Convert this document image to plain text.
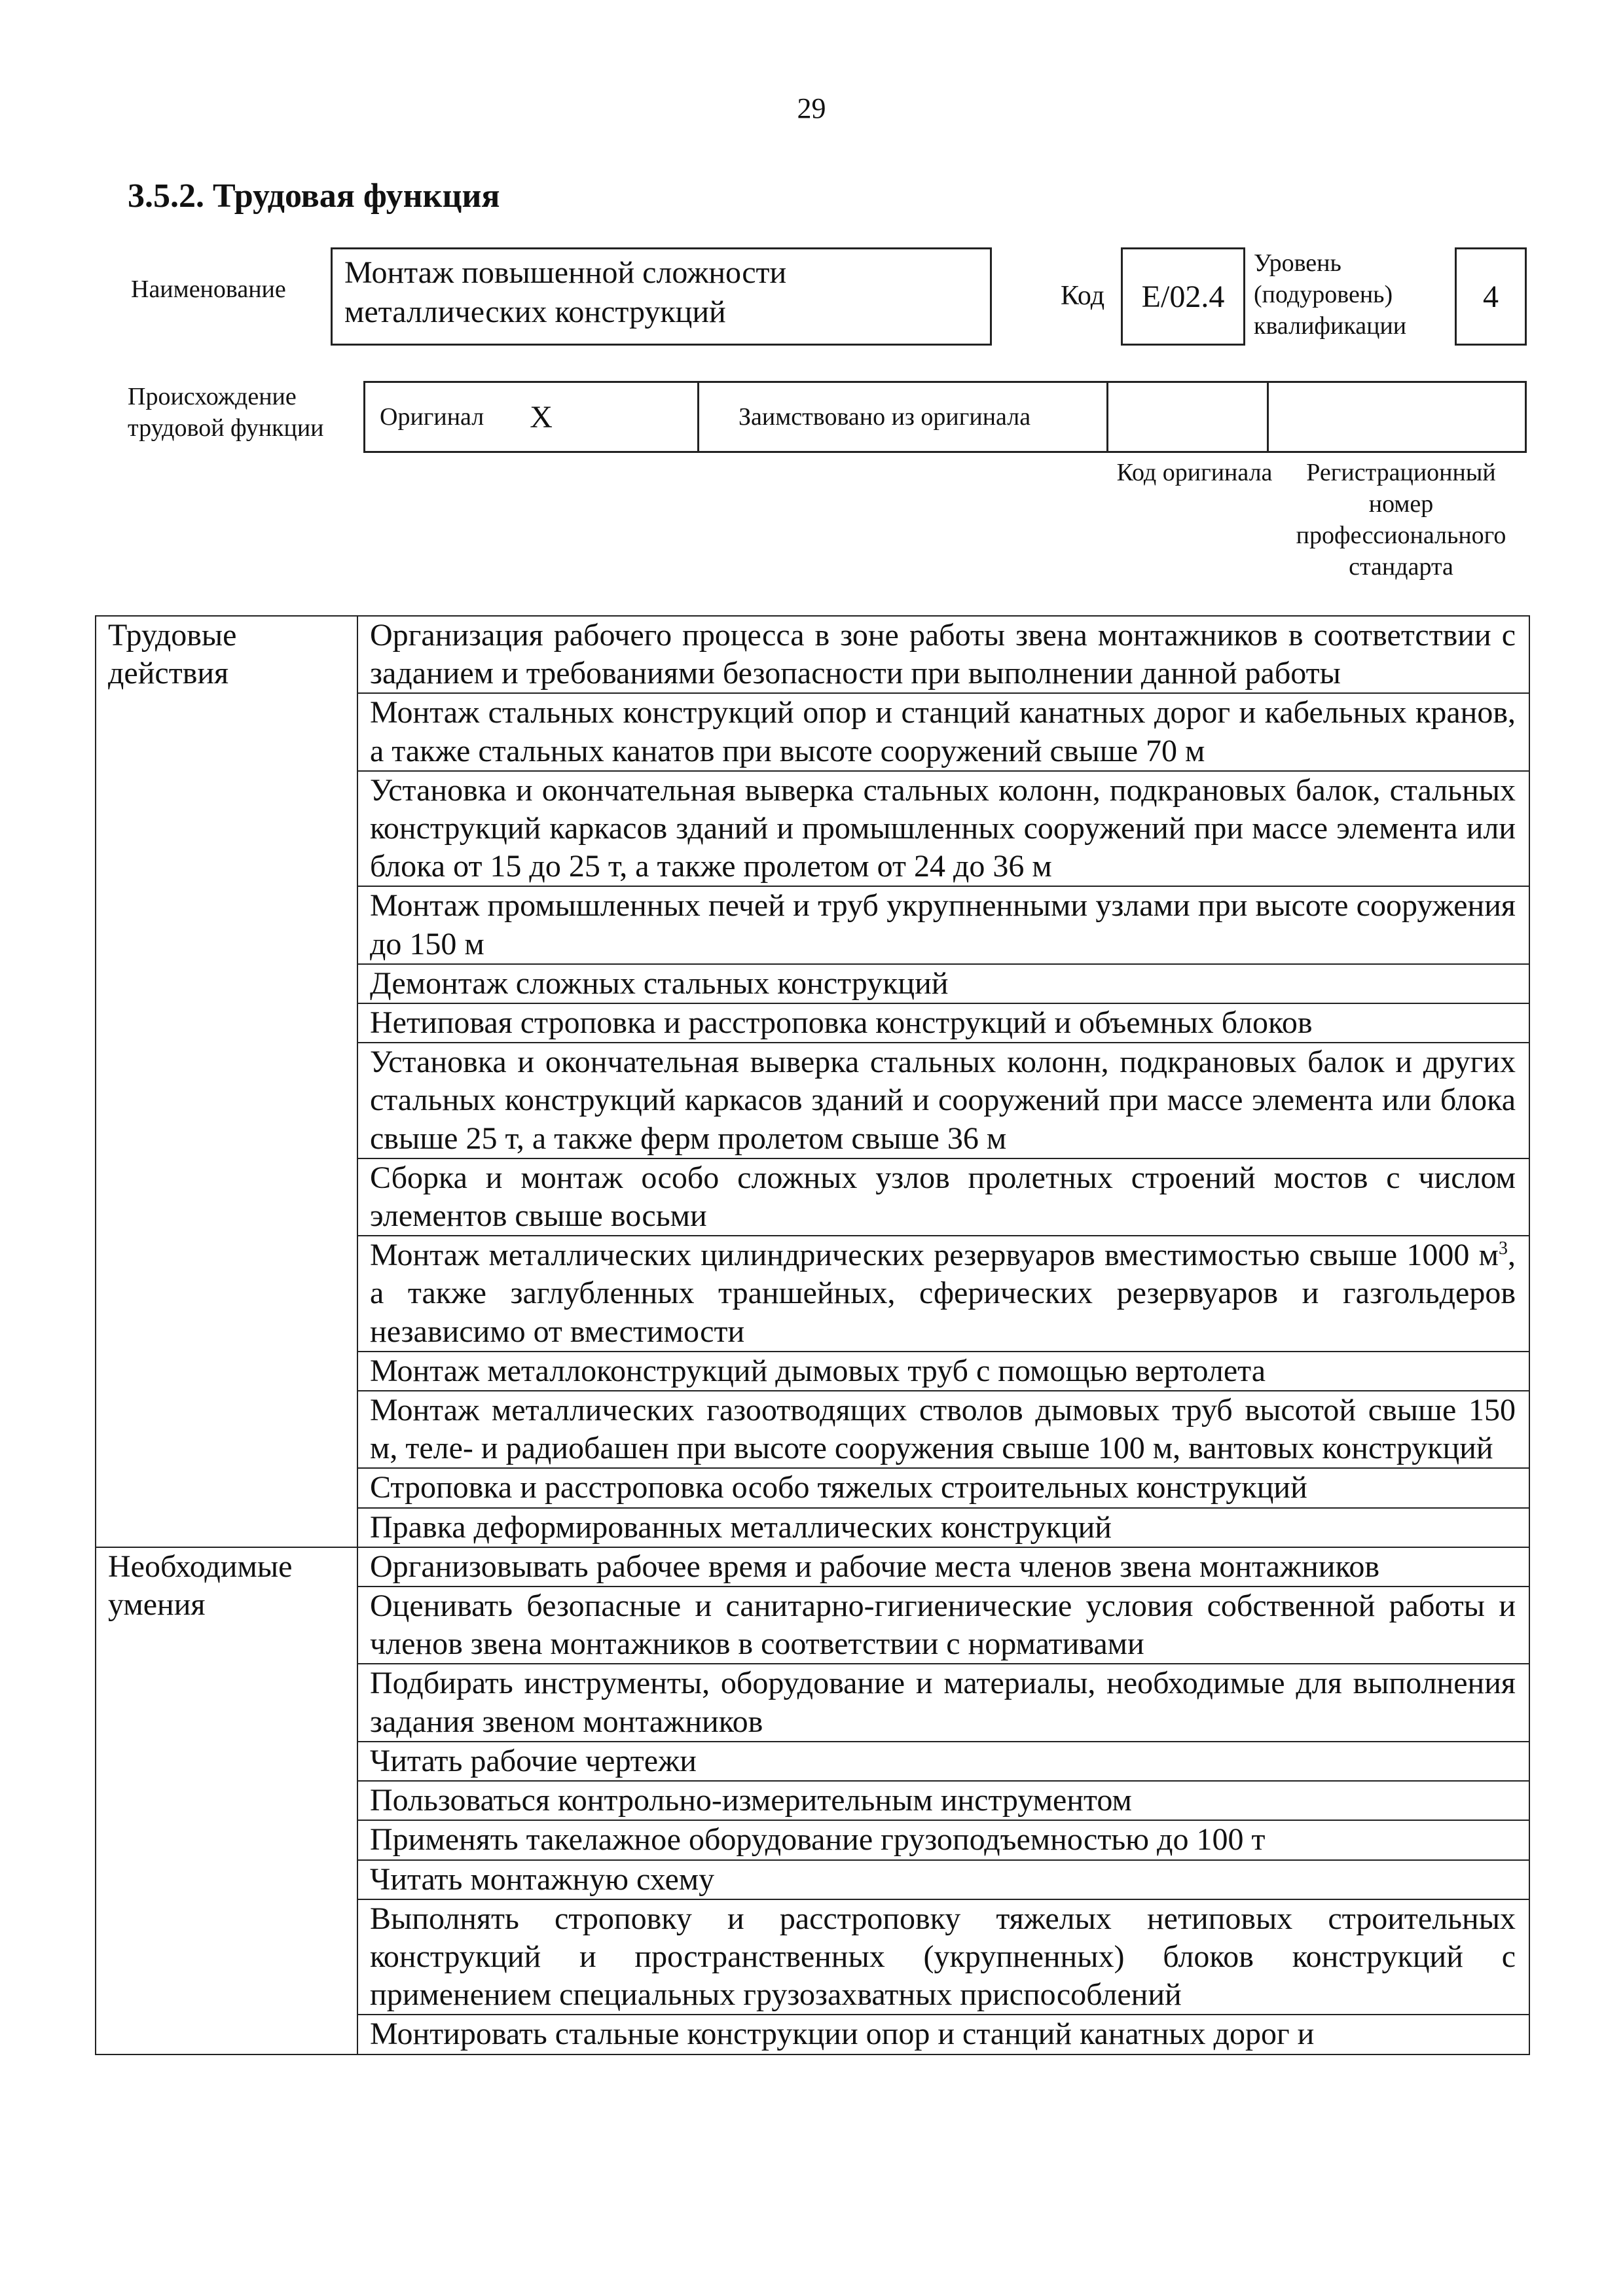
29
3.5.2. Трудовая функция
Наименование	Монтаж повышенной сложности металлических конструкций	Код	E/02.4
Уровень (подуровень) квалификации
4
Происхождение трудовой функции	Оригинал X	Заимствовано из оригинала
Код оригинала	Регистрационный номер профессионального стандарта
Трудовые действия	Организация рабочего процесса в зоне работы звена монтажников в соответствии с заданием и требованиями безопасности при выполнении данной работы
	Монтаж стальных конструкций опор и станций канатных дорог и кабельных кранов, а также стальных канатов при высоте сооружений свыше 70 м
	Установка и окончательная выверка стальных колонн, подкрановых балок, стальных конструкций каркасов зданий и промышленных сооружений при массе элемента или блока от 15 до 25 т, а также пролетом от 24 до 36 м
	Монтаж промышленных печей и труб укрупненными узлами при высоте сооружения до 150 м
	Демонтаж сложных стальных конструкций
	Нетиповая строповка и расстроповка конструкций и объемных блоков
	Установка и окончательная выверка стальных колонн, подкрановых балок и других стальных конструкций каркасов зданий и сооружений при массе элемента или блока свыше 25 т, а также ферм пролетом свыше 36 м
	Сборка и монтаж особо сложных узлов пролетных строений мостов с числом элементов свыше восьми
	Монтаж металлических цилиндрических резервуаров вместимостью свыше 1000 $м^3$, а также заглубленных траншейных, сферических резервуаров и газгольдеров независимо от вместимости
	Монтаж металлоконструкций дымовых труб с помощью вертолета
	Монтаж металлических газоотводящих стволов дымовых труб высотой свыше 150 м, теле- и радиобашен при высоте сооружения свыше 100 м, вантовых конструкций
	Строповка и расстроповка особо тяжелых строительных конструкций
	Правка деформированных металлических конструкций
Необходимые умения	Организовывать рабочее время и рабочие места членов звена монтажников
	Оценивать безопасные и санитарно-гигиенические условия собственной работы и членов звена монтажников в соответствии с нормативами
	Подбирать инструменты, оборудование и материалы, необходимые для выполнения задания звеном монтажников
	Читать рабочие чертежи
	Пользоваться контрольно-измерительным инструментом
	Применять такелажное оборудование грузоподъемностью до 100 т
	Читать монтажную схему
	Выполнять строповку и расстроповку тяжелых нетиповых строительных конструкций и пространственных (укрупненных) блоков конструкций с применением специальных грузозахватных приспособлений
	Монтировать стальные конструкции опор и станций канатных дорог и
